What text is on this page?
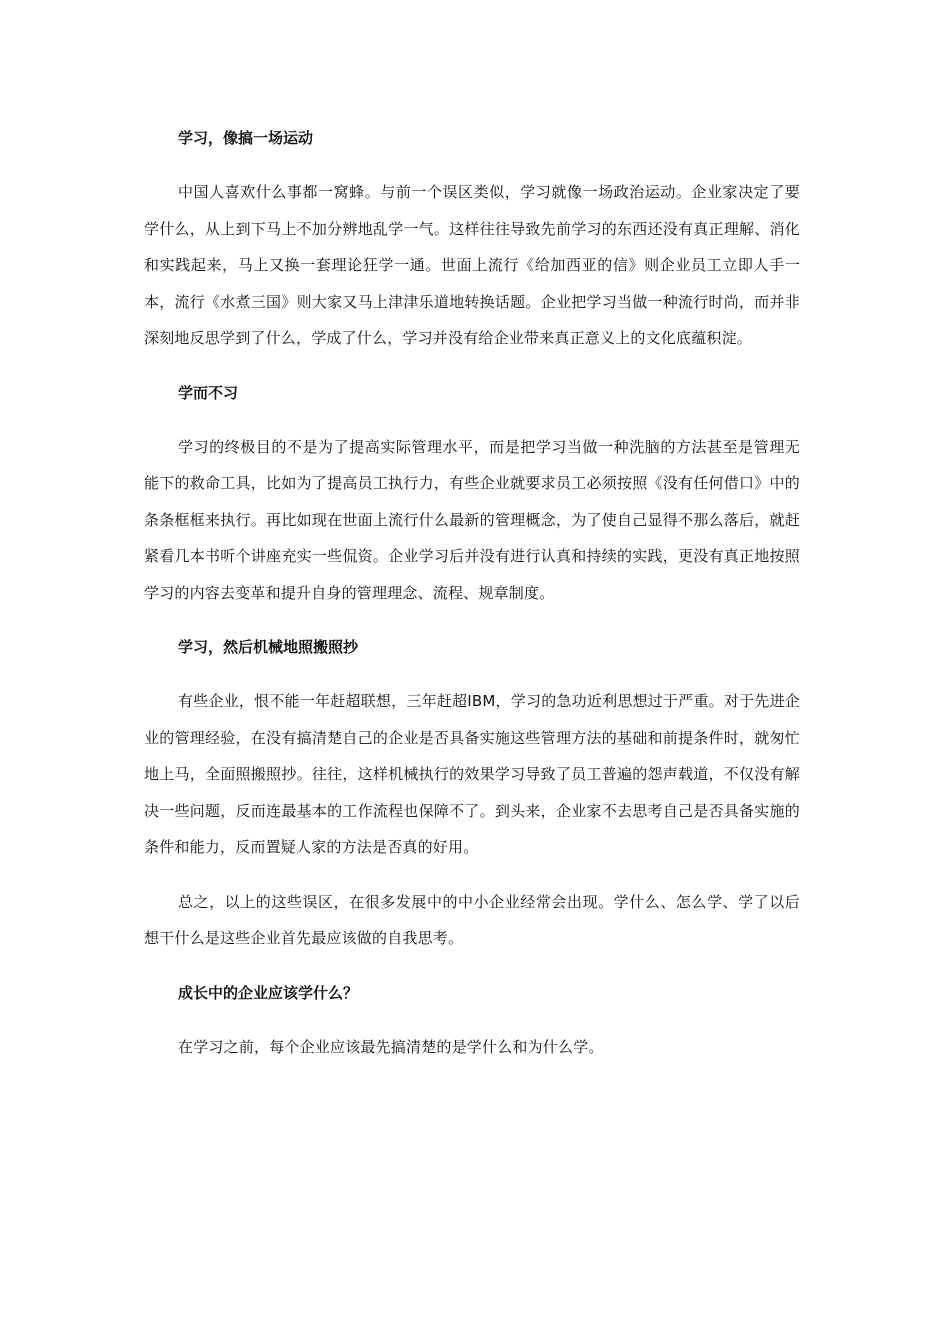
学习，像搞一场运动

中国人喜欢什么事都一窝蜂。与前一个误区类似，学习就像一场政治运动。企业家决定了要学什么，从上到下马上不加分辨地乱学一气。这样往往导致先前学习的东西还没有真正理解、消化和实践起来，马上又换一套理论狂学一通。世面上流行《给加西亚的信》则企业员工立即人手一本，流行《水煮三国》则大家又马上津津乐道地转换话题。企业把学习当做一种流行时尚，而并非深刻地反思学到了什么，学成了什么，学习并没有给企业带来真正意义上的文化底蕴积淀。

学而不习

学习的终极目的不是为了提高实际管理水平，而是把学习当做一种洗脑的方法甚至是管理无能下的救命工具，比如为了提高员工执行力，有些企业就要求员工必须按照《没有任何借口》中的条条框框来执行。再比如现在世面上流行什么最新的管理概念，为了使自己显得不那么落后，就赶紧看几本书听个讲座充实一些侃资。企业学习后并没有进行认真和持续的实践，更没有真正地按照学习的内容去变革和提升自身的管理理念、流程、规章制度。

学习，然后机械地照搬照抄

有些企业，恨不能一年赶超联想，三年赶超IBM，学习的急功近利思想过于严重。对于先进企业的管理经验，在没有搞清楚自己的企业是否具备实施这些管理方法的基础和前提条件时，就匆忙地上马，全面照搬照抄。往往，这样机械执行的效果学习导致了员工普遍的怨声载道，不仅没有解决一些问题，反而连最基本的工作流程也保障不了。到头来，企业家不去思考自己是否具备实施的条件和能力，反而置疑人家的方法是否真的好用。

总之，以上的这些误区，在很多发展中的中小企业经常会出现。学什么、怎么学、学了以后想干什么是这些企业首先最应该做的自我思考。

成长中的企业应该学什么？

在学习之前，每个企业应该最先搞清楚的是学什么和为什么学。
